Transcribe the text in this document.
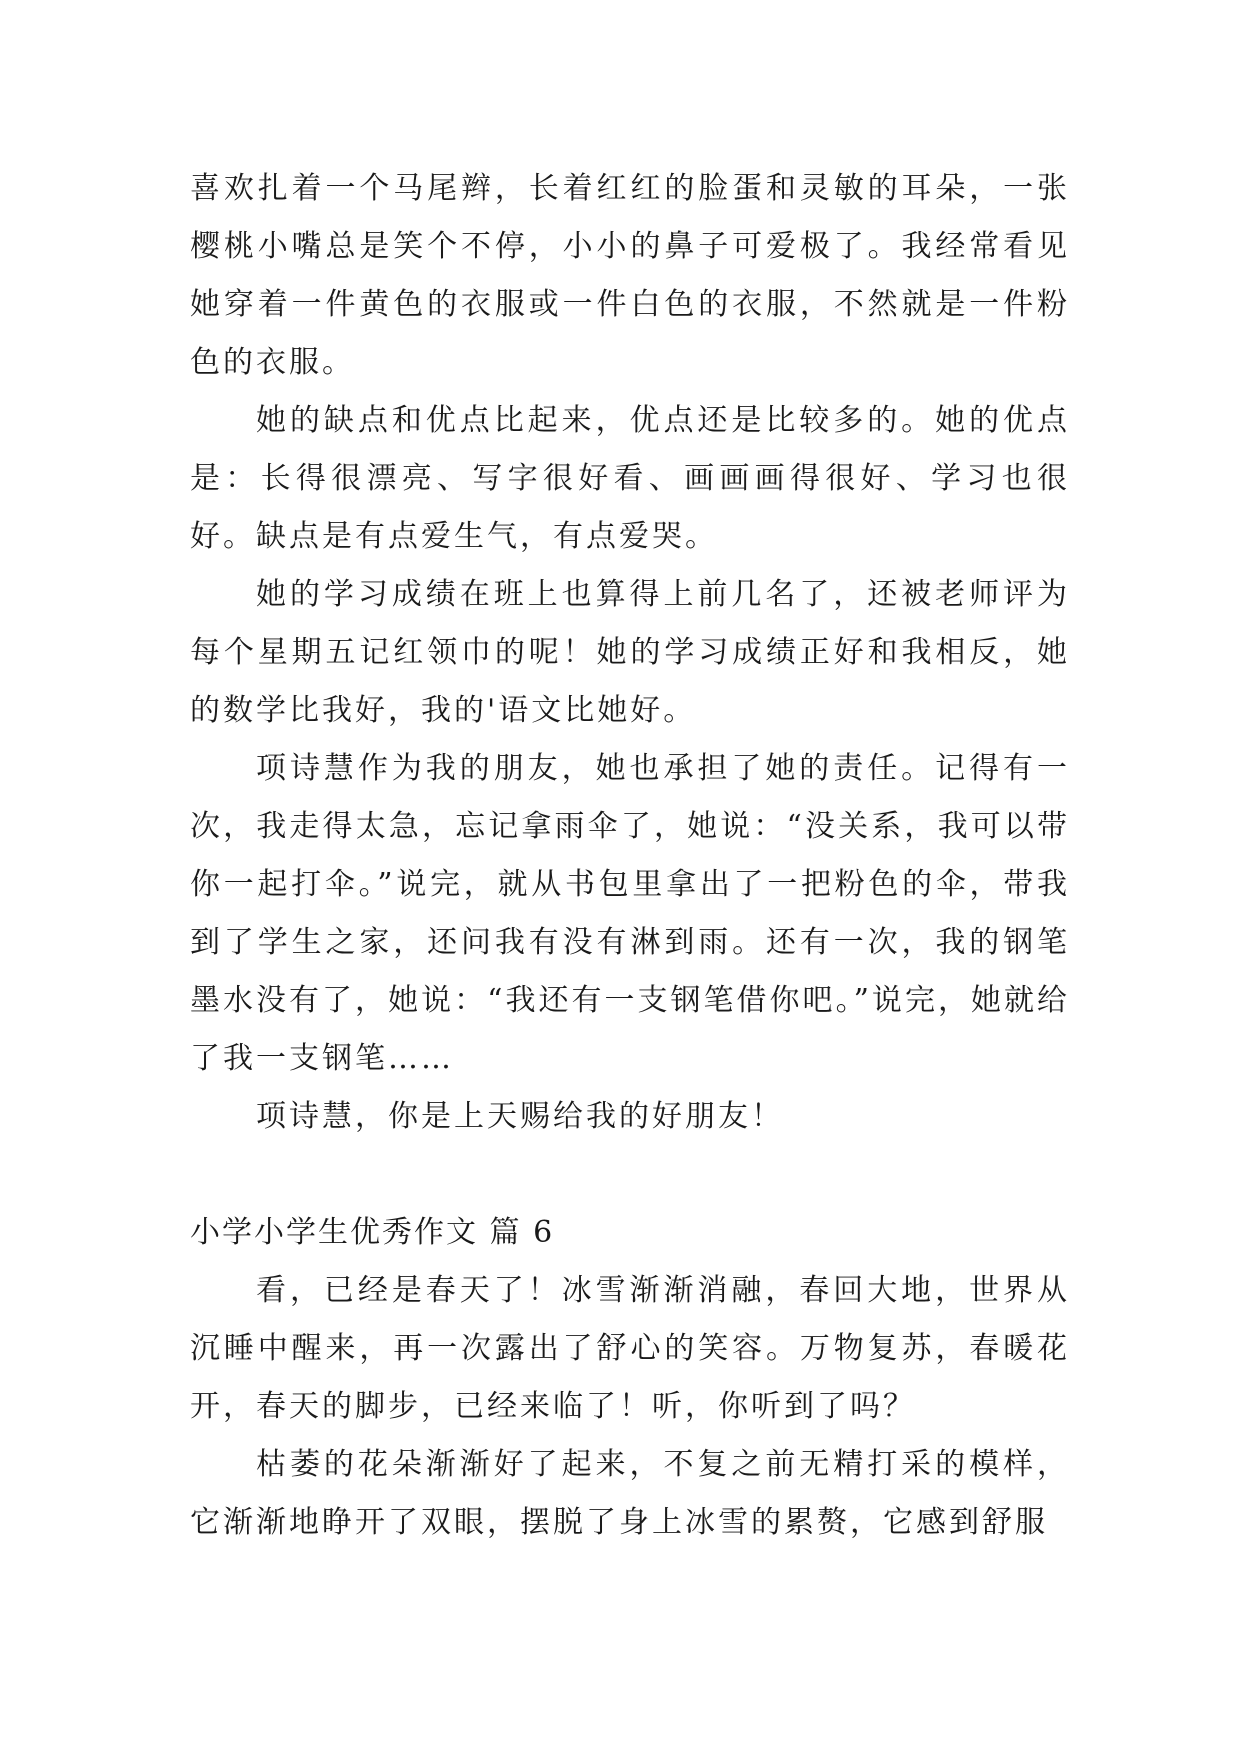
喜欢扎着一个马尾辫，长着红红的脸蛋和灵敏的耳朵，一张樱桃小嘴总是笑个不停，小小的鼻子可爱极了。我经常看见她穿着一件黄色的衣服或一件白色的衣服，不然就是一件粉色的衣服。

她的缺点和优点比起来，优点还是比较多的。她的优点是：长得很漂亮、写字很好看、画画画得很好、学习也很好。缺点是有点爱生气，有点爱哭。

她的学习成绩在班上也算得上前几名了，还被老师评为每个星期五记红领巾的呢！她的学习成绩正好和我相反，她的数学比我好，我的'语文比她好。

项诗慧作为我的朋友，她也承担了她的责任。记得有一次，我走得太急，忘记拿雨伞了，她说：“没关系，我可以带你一起打伞。”说完，就从书包里拿出了一把粉色的伞，带我到了学生之家，还问我有没有淋到雨。还有一次，我的钢笔墨水没有了，她说：“我还有一支钢笔借你吧。”说完，她就给了我一支钢笔……

项诗慧，你是上天赐给我的好朋友！

小学小学生优秀作文 篇 6

看，已经是春天了！冰雪渐渐消融，春回大地，世界从沉睡中醒来，再一次露出了舒心的笑容。万物复苏，春暖花开，春天的脚步，已经来临了！听，你听到了吗？

枯萎的花朵渐渐好了起来，不复之前无精打采的模样，它渐渐地睁开了双眼，摆脱了身上冰雪的累赘，它感到舒服
